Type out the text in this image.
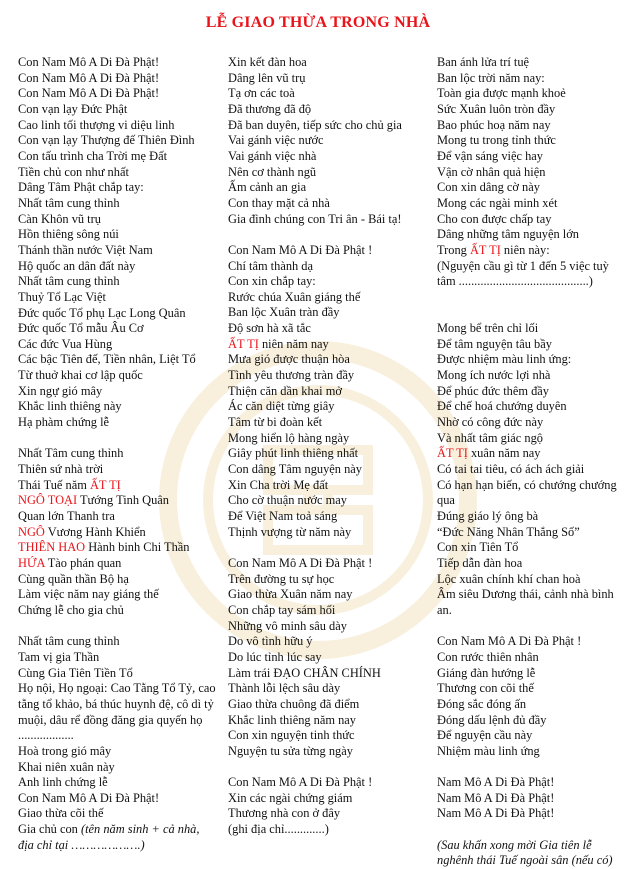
LỄ GIAO THỪA TRONG NHÀ
Con Nam Mô A Di Đà Phật!
Con Nam Mô A Di Đà Phật!
Con Nam Mô A Di Đà Phật!
Con vạn lạy Đức Phật
Cao linh tối thượng vi diệu linh
Con vạn lạy Thượng đế Thiên Đình
Con tấu trình cha Trời mẹ Đất
Tiền chủ con như nhất
Dâng Tâm Phật chắp tay:
Nhất tâm cung thỉnh
Càn Khôn vũ trụ
Hồn thiêng sông núi
Thánh thần nước Việt Nam
Hộ quốc an dân đất này
Nhất tâm cung thỉnh
Thuỷ Tổ Lạc Việt
Đức quốc Tổ phụ Lạc Long Quân
Đức quốc Tổ mẫu Âu Cơ
Các đức Vua Hùng
Các bậc Tiên đế, Tiền nhân, Liệt Tổ
Từ thuở khai cơ lập quốc
Xin ngự gió mây
Khắc linh thiêng này
Hạ phàm chứng lễ
Nhất Tâm cung thỉnh
Thiên sứ nhà trời
Thái Tuế năm ẤT TỊ
NGÔ TOẠI Tướng Tinh Quân
Quan lớn Thanh tra
NGÔ Vương Hành Khiển
THIÊN HAO Hành binh Chi Thần
HỨA Tào phán quan
Cùng quần thần Bộ hạ
Làm việc năm nay giáng thế
Chứng lễ cho gia chủ
Nhất tâm cung thỉnh
Tam vị gia Thần
Cùng Gia Tiên Tiền Tổ
Họ nội, Họ ngoại: Cao Tằng Tổ Tỷ, cao tằng tổ khảo, bá thúc huynh đệ, cô dì tỷ muội, dâu rể đồng đăng gia quyến họ ..................
Hoà trong gió mây
Khai niên xuân này
Anh linh chứng lễ
Con Nam Mô A Di Đà Phật!
Giao thừa cõi thế
Gia chủ con (tên năm sinh + cả nhà, địa chỉ tại ……………….)
Xin kết đàn hoa
Dâng lên vũ trụ
Tạ ơn các toà
Đã thương đã độ
Đã ban duyên, tiếp sức cho chủ gia
Vai gánh việc nước
Vai gánh việc nhà
Nên cơ thành ngũ
Ấm cảnh an gia
Con thay mặt cả nhà
Gia đình chúng con Tri ân - Bái tạ!
Con Nam Mô A Di Đà Phật !
Chí tâm thành dạ
Con xin chắp tay:
Rước chúa Xuân giáng thế
Ban lộc Xuân tràn đầy
Độ sơn hà xã tắc
ẤT TỊ niên năm nay
Mưa gió được thuận hòa
Tình yêu thương tràn đầy
Thiện căn dần khai mở
Ác căn diệt từng giây
Tâm từ bi đoàn kết
Mong hiển lộ hàng ngày
Giây phút linh thiêng nhất
Con dâng Tâm nguyện này
Xin Cha trời Mẹ đất
Cho cờ thuận nước may
Để Việt Nam toả sáng
Thịnh vượng từ năm này
Con Nam Mô A Di Đà Phật !
Trên đường tu sự học
Giao thừa Xuân năm nay
Con chắp tay sám hối
Những vô minh sâu dày
Do vô tình hữu ý
Do lúc tỉnh lúc say
Làm trái ĐẠO CHÂN CHÍNH
Thành lỗi lệch sâu dày
Giao thừa chuông đã điểm
Khắc linh thiêng năm nay
Con xin nguyện tinh thức
Nguyện tu sửa từng ngày
Con Nam Mô A Di Đà Phật !
Xin các ngài chứng giám
Thương nhà con ở đây
(ghi địa chỉ.............)
Ban ánh lửa trí tuệ
Ban lộc trời năm nay:
Toàn gia được mạnh khoẻ
Sức Xuân luôn tròn đầy
Bao phúc hoạ năm nay
Mong tu trong tỉnh thức
Để vận sáng việc hay
Vận cờ nhân quả hiện
Con xin dâng cờ này
Mong các ngài minh xét
Cho con được chấp tay
Dâng những tâm nguyện lớn
Trong ẤT TỊ niên này:
(Nguyện cầu gì từ 1 đến 5 việc tuỳ tâm ..........................................)
Mong bể trên chỉ lối
Để tâm nguyện tâu bầy
Được nhiệm màu linh ứng:
Mong ích nước lợi nhà
Để phúc đức thêm đầy
Để chế hoá chướng duyên
Nhờ có công đức này
Và nhất tâm giác ngộ
ẤT TỊ xuân năm nay
Có tai tai tiêu, có ách ách giải
Có hạn hạn biến, có chướng chướng qua
Đúng giáo lý ông bà
“Đức Năng Nhân Thắng Số”
Con xin Tiên Tổ
Tiếp dẫn đàn hoa
Lộc xuân chính khí chan hoà
Âm siêu Dương thái, cảnh nhà bình an.
Con Nam Mô A Di Đà Phật !
Con rước thiên nhân
Giáng đàn hướng lễ
Thương con cõi thế
Đóng sắc đóng ấn
Đóng dấu lệnh đủ đầy
Để nguyện cầu này
Nhiệm màu linh ứng
Nam Mô A Di Đà Phật!
Nam Mô A Di Đà Phật!
Nam Mô A Di Đà Phật!
(Sau khấn xong mời Gia tiên lễ nghênh thái Tuế ngoài sân (nếu có)
